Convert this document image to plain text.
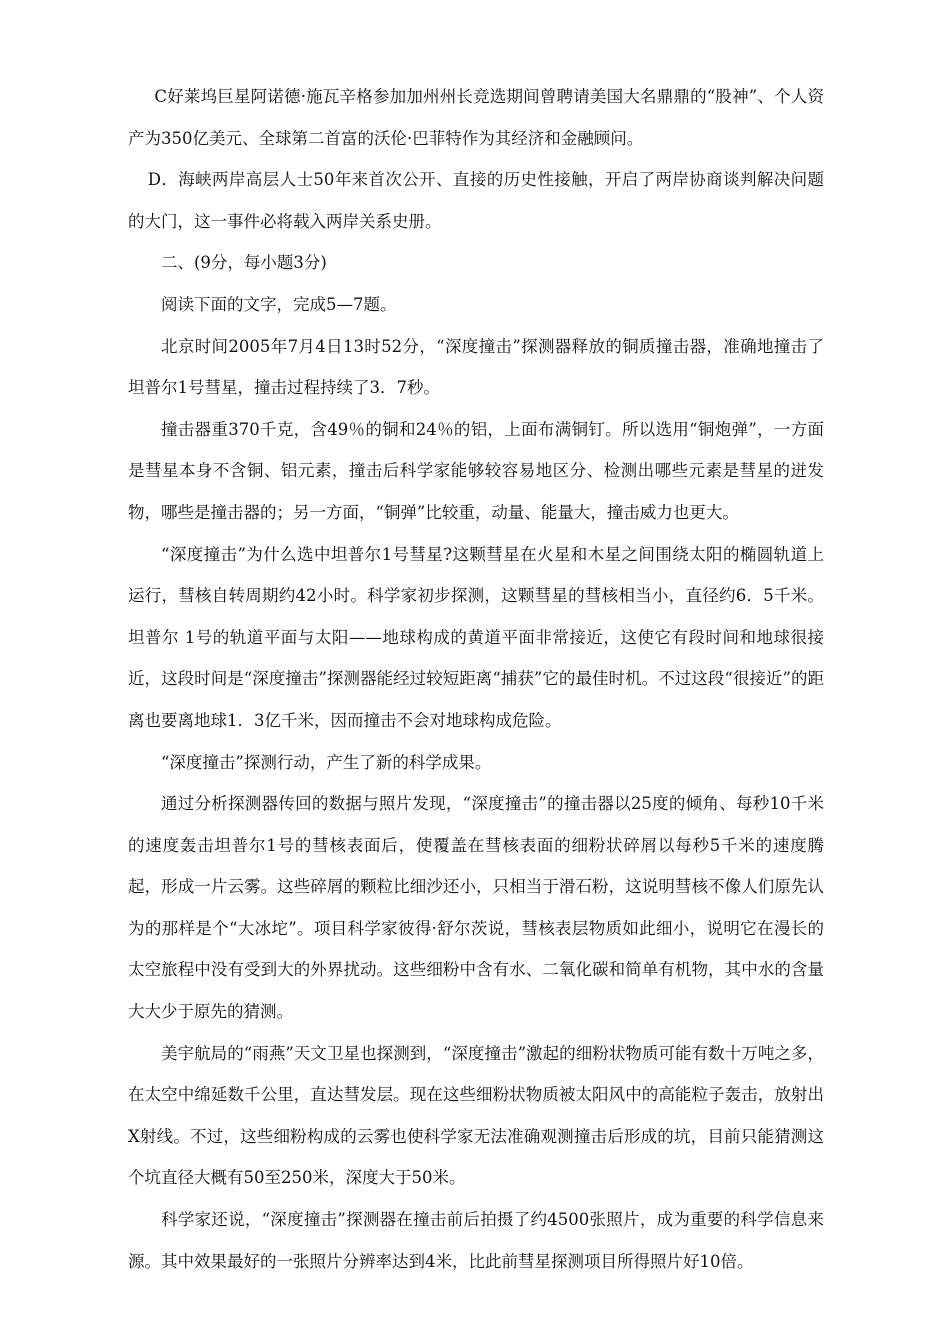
C好莱坞巨星阿诺德·施瓦辛格参加加州州长竞选期间曾聘请美国大名鼎鼎的“股神”、个人资产为350亿美元、全球第二首富的沃伦·巴菲特作为其经济和金融顾问。

D．海峡两岸高层人士50年来首次公开、直接的历史性接触，开启了两岸协商谈判解决问题的大门，这一事件必将载入两岸关系史册。

二、(9分，每小题3分)

阅读下面的文字，完成5—7题。

北京时间2005年7月4日13时52分，“深度撞击”探测器释放的铜质撞击器，准确地撞击了坦普尔1号彗星，撞击过程持续了3．7秒。

撞击器重370千克，含49％的铜和24％的铝，上面布满铜钉。所以选用“铜炮弹”，一方面是彗星本身不含铜、铝元素，撞击后科学家能够较容易地区分、检测出哪些元素是彗星的迸发物，哪些是撞击器的；另一方面，“铜弹”比较重，动量、能量大，撞击威力也更大。

“深度撞击”为什么选中坦普尔1号彗星?这颗彗星在火星和木星之间围绕太阳的椭圆轨道上运行，彗核自转周期约42小时。科学家初步探测，这颗彗星的彗核相当小，直径约6．5千米。坦普尔 1号的轨道平面与太阳——地球构成的黄道平面非常接近，这使它有段时间和地球很接近，这段时间是“深度撞击”探测器能经过较短距离“捕获”它的最佳时机。不过这段“很接近”的距离也要离地球1．3亿千米，因而撞击不会对地球构成危险。

“深度撞击”探测行动，产生了新的科学成果。

通过分析探测器传回的数据与照片发现，“深度撞击”的撞击器以25度的倾角、每秒10千米的速度轰击坦普尔1号的彗核表面后，使覆盖在彗核表面的细粉状碎屑以每秒5千米的速度腾起，形成一片云雾。这些碎屑的颗粒比细沙还小，只相当于滑石粉，这说明彗核不像人们原先认为的那样是个“大冰坨”。项目科学家彼得·舒尔茨说，彗核表层物质如此细小，说明它在漫长的太空旅程中没有受到大的外界扰动。这些细粉中含有水、二氧化碳和简单有机物，其中水的含量大大少于原先的猜测。

美宇航局的“雨燕”天文卫星也探测到，“深度撞击”激起的细粉状物质可能有数十万吨之多，在太空中绵延数千公里，直达彗发层。现在这些细粉状物质被太阳风中的高能粒子轰击，放射出X射线。不过，这些细粉构成的云雾也使科学家无法准确观测撞击后形成的坑，目前只能猜测这个坑直径大概有50至250米，深度大于50米。

科学家还说，“深度撞击”探测器在撞击前后拍摄了约4500张照片，成为重要的科学信息来源。其中效果最好的一张照片分辨率达到4米，比此前彗星探测项目所得照片好10倍。
